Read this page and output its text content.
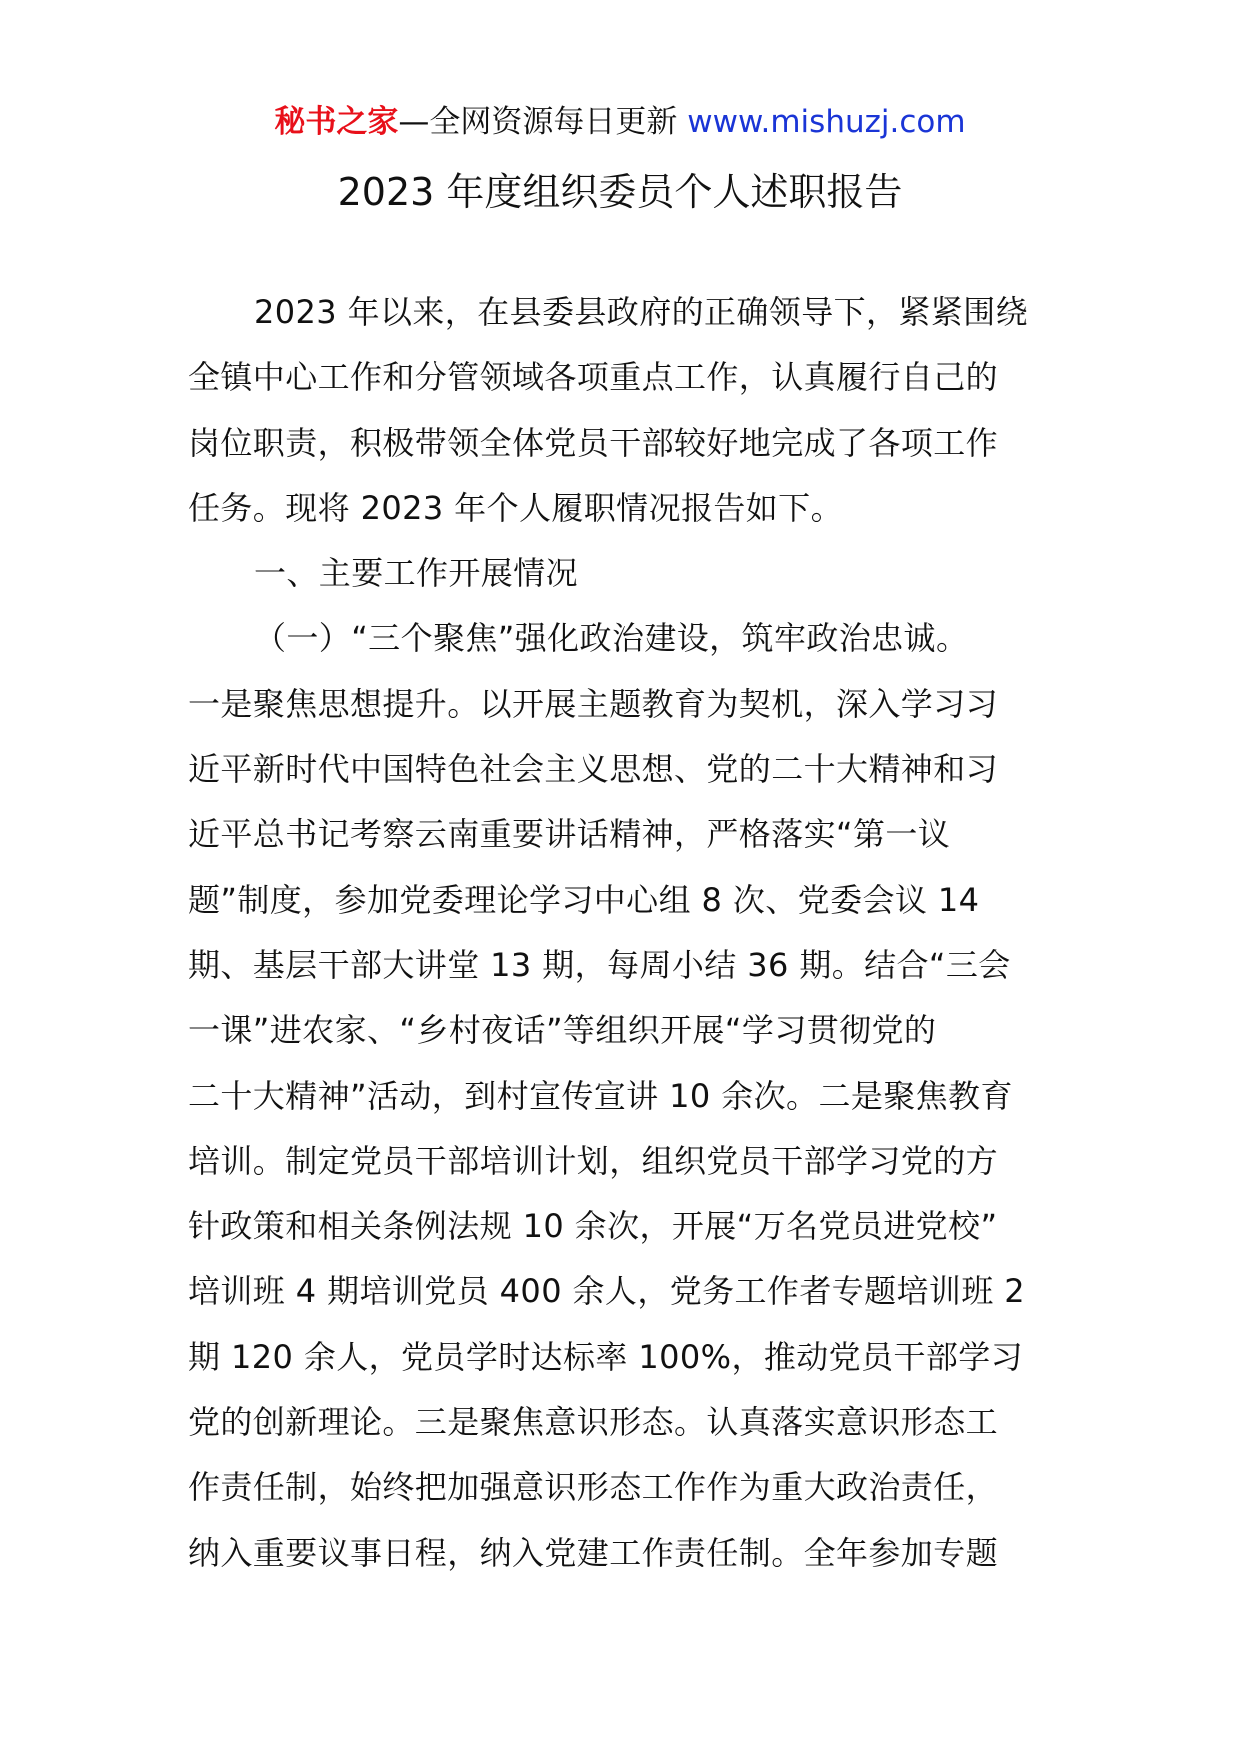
秘书之家—全网资源每日更新 www.mishuzj.com
2023 年度组织委员个人述职报告
2023 年以来，在县委县政府的正确领导下，紧紧围绕
全镇中心工作和分管领域各项重点工作，认真履行自己的
岗位职责，积极带领全体党员干部较好地完成了各项工作
任务。现将 2023 年个人履职情况报告如下。
一、主要工作开展情况
（一）“三个聚焦”强化政治建设，筑牢政治忠诚。
一是聚焦思想提升。以开展主题教育为契机，深入学习习
近平新时代中国特色社会主义思想、党的二十大精神和习
近平总书记考察云南重要讲话精神，严格落实“第一议
题”制度，参加党委理论学习中心组 8 次、党委会议 14
期、基层干部大讲堂 13 期，每周小结 36 期。结合“三会
一课”进农家、“乡村夜话”等组织开展“学习贯彻党的
二十大精神”活动，到村宣传宣讲 10 余次。二是聚焦教育
培训。制定党员干部培训计划，组织党员干部学习党的方
针政策和相关条例法规 10 余次，开展“万名党员进党校”
培训班 4 期培训党员 400 余人，党务工作者专题培训班 2
期 120 余人，党员学时达标率 100%，推动党员干部学习
党的创新理论。三是聚焦意识形态。认真落实意识形态工
作责任制，始终把加强意识形态工作作为重大政治责任，
纳入重要议事日程，纳入党建工作责任制。全年参加专题
